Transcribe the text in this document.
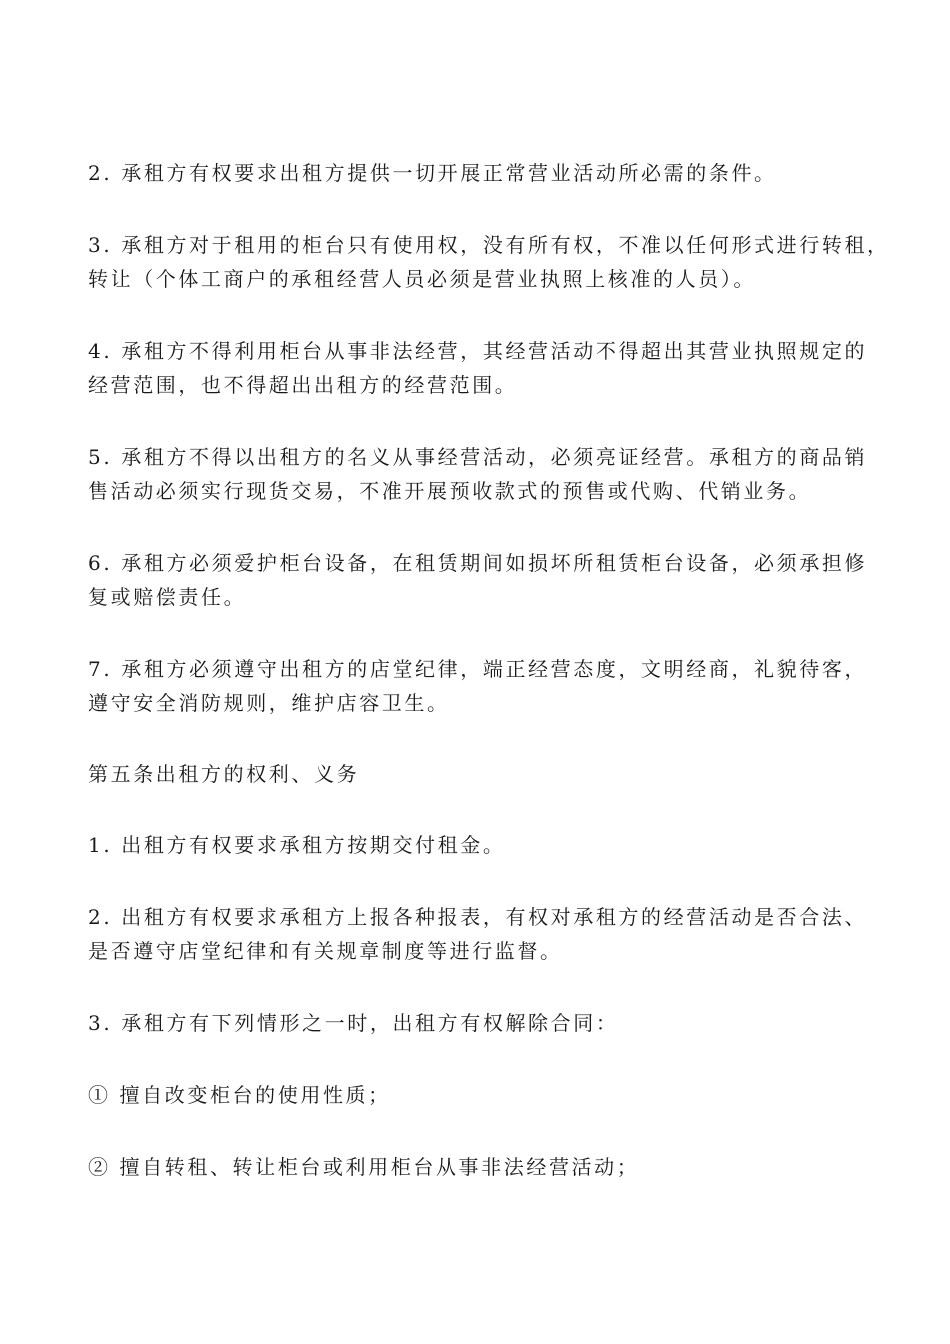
2. 承租方有权要求出租方提供一切开展正常营业活动所必需的条件。

3. 承租方对于租用的柜台只有使用权，没有所有权，不准以任何形式进行转租，
转让（个体工商户的承租经营人员必须是营业执照上核准的人员）。

4. 承租方不得利用柜台从事非法经营，其经营活动不得超出其营业执照规定的
经营范围，也不得超出出租方的经营范围。

5. 承租方不得以出租方的名义从事经营活动，必须亮证经营。承租方的商品销
售活动必须实行现货交易，不准开展预收款式的预售或代购、代销业务。

6. 承租方必须爱护柜台设备，在租赁期间如损坏所租赁柜台设备，必须承担修
复或赔偿责任。

7. 承租方必须遵守出租方的店堂纪律，端正经营态度，文明经商，礼貌待客，
遵守安全消防规则，维护店容卫生。

第五条出租方的权利、义务

1. 出租方有权要求承租方按期交付租金。

2. 出租方有权要求承租方上报各种报表，有权对承租方的经营活动是否合法、
是否遵守店堂纪律和有关规章制度等进行监督。

3. 承租方有下列情形之一时，出租方有权解除合同：

① 擅自改变柜台的使用性质；

② 擅自转租、转让柜台或利用柜台从事非法经营活动；
